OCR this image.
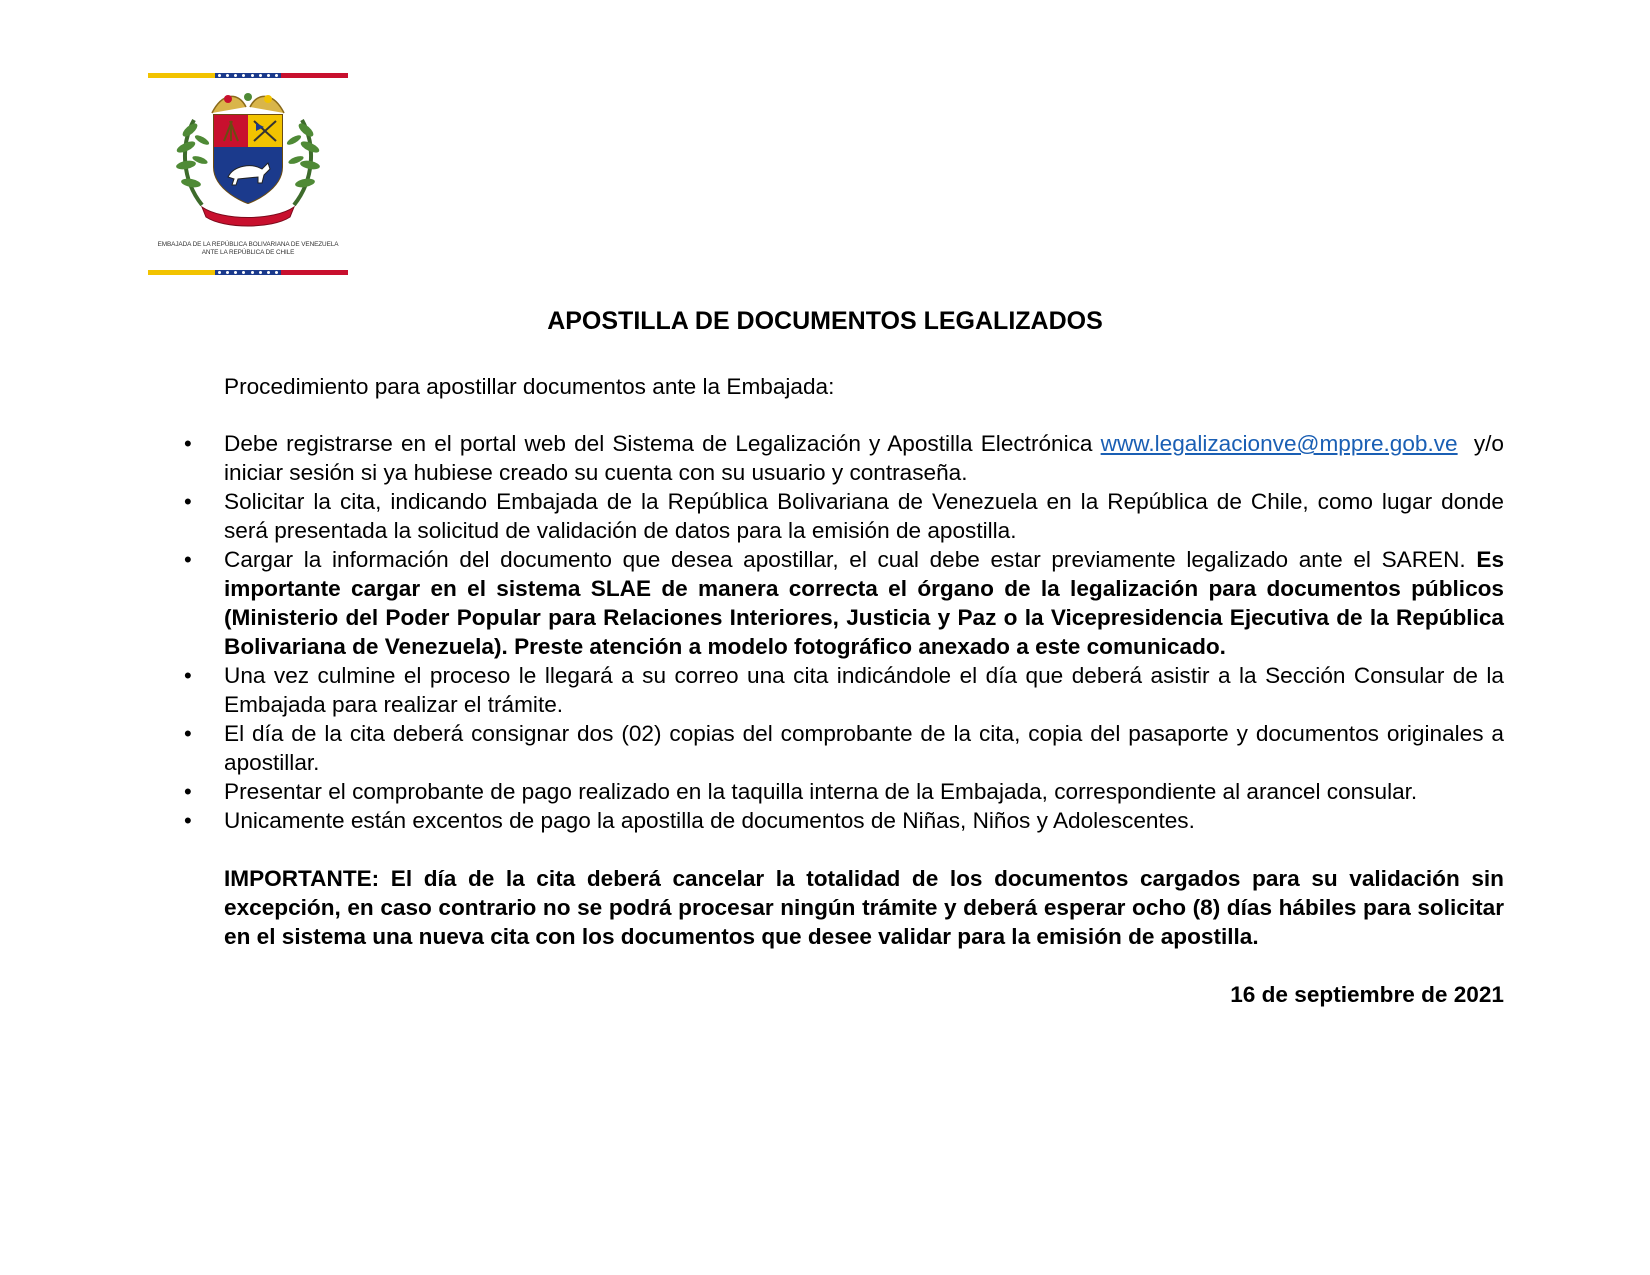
EMBAJADA DE LA REPÚBLICA BOLIVARIANA DE VENEZUELA
ANTE LA REPÚBLICA DE CHILE
APOSTILLA DE DOCUMENTOS LEGALIZADOS

Procedimiento para apostillar documentos ante la Embajada:

• Debe registrarse en el portal web del Sistema de Legalización y Apostilla Electrónica www.legalizacionve@mppre.gob.ve y/o iniciar sesión si ya hubiese creado su cuenta con su usuario y contraseña.
• Solicitar la cita, indicando Embajada de la República Bolivariana de Venezuela en la República de Chile, como lugar donde será presentada la solicitud de validación de datos para la emisión de apostilla.
• Cargar la información del documento que desea apostillar, el cual debe estar previamente legalizado ante el SAREN. Es importante cargar en el sistema SLAE de manera correcta el órgano de la legalización para documentos públicos (Ministerio del Poder Popular para Relaciones Interiores, Justicia y Paz o la Vicepresidencia Ejecutiva de la República Bolivariana de Venezuela). Preste atención a modelo fotográfico anexado a este comunicado.
• Una vez culmine el proceso le llegará a su correo una cita indicándole el día que deberá asistir a la Sección Consular de la Embajada para realizar el trámite.
• El día de la cita deberá consignar dos (02) copias del comprobante de la cita, copia del pasaporte y documentos originales a apostillar.
• Presentar el comprobante de pago realizado en la taquilla interna de la Embajada, correspondiente al arancel consular.
• Unicamente están excentos de pago la apostilla de documentos de Niñas, Niños y Adolescentes.

IMPORTANTE: El día de la cita deberá cancelar la totalidad de los documentos cargados para su validación sin excepción, en caso contrario no se podrá procesar ningún trámite y deberá esperar ocho (8) días hábiles para solicitar en el sistema una nueva cita con los documentos que desee validar para la emisión de apostilla.

16 de septiembre de 2021
